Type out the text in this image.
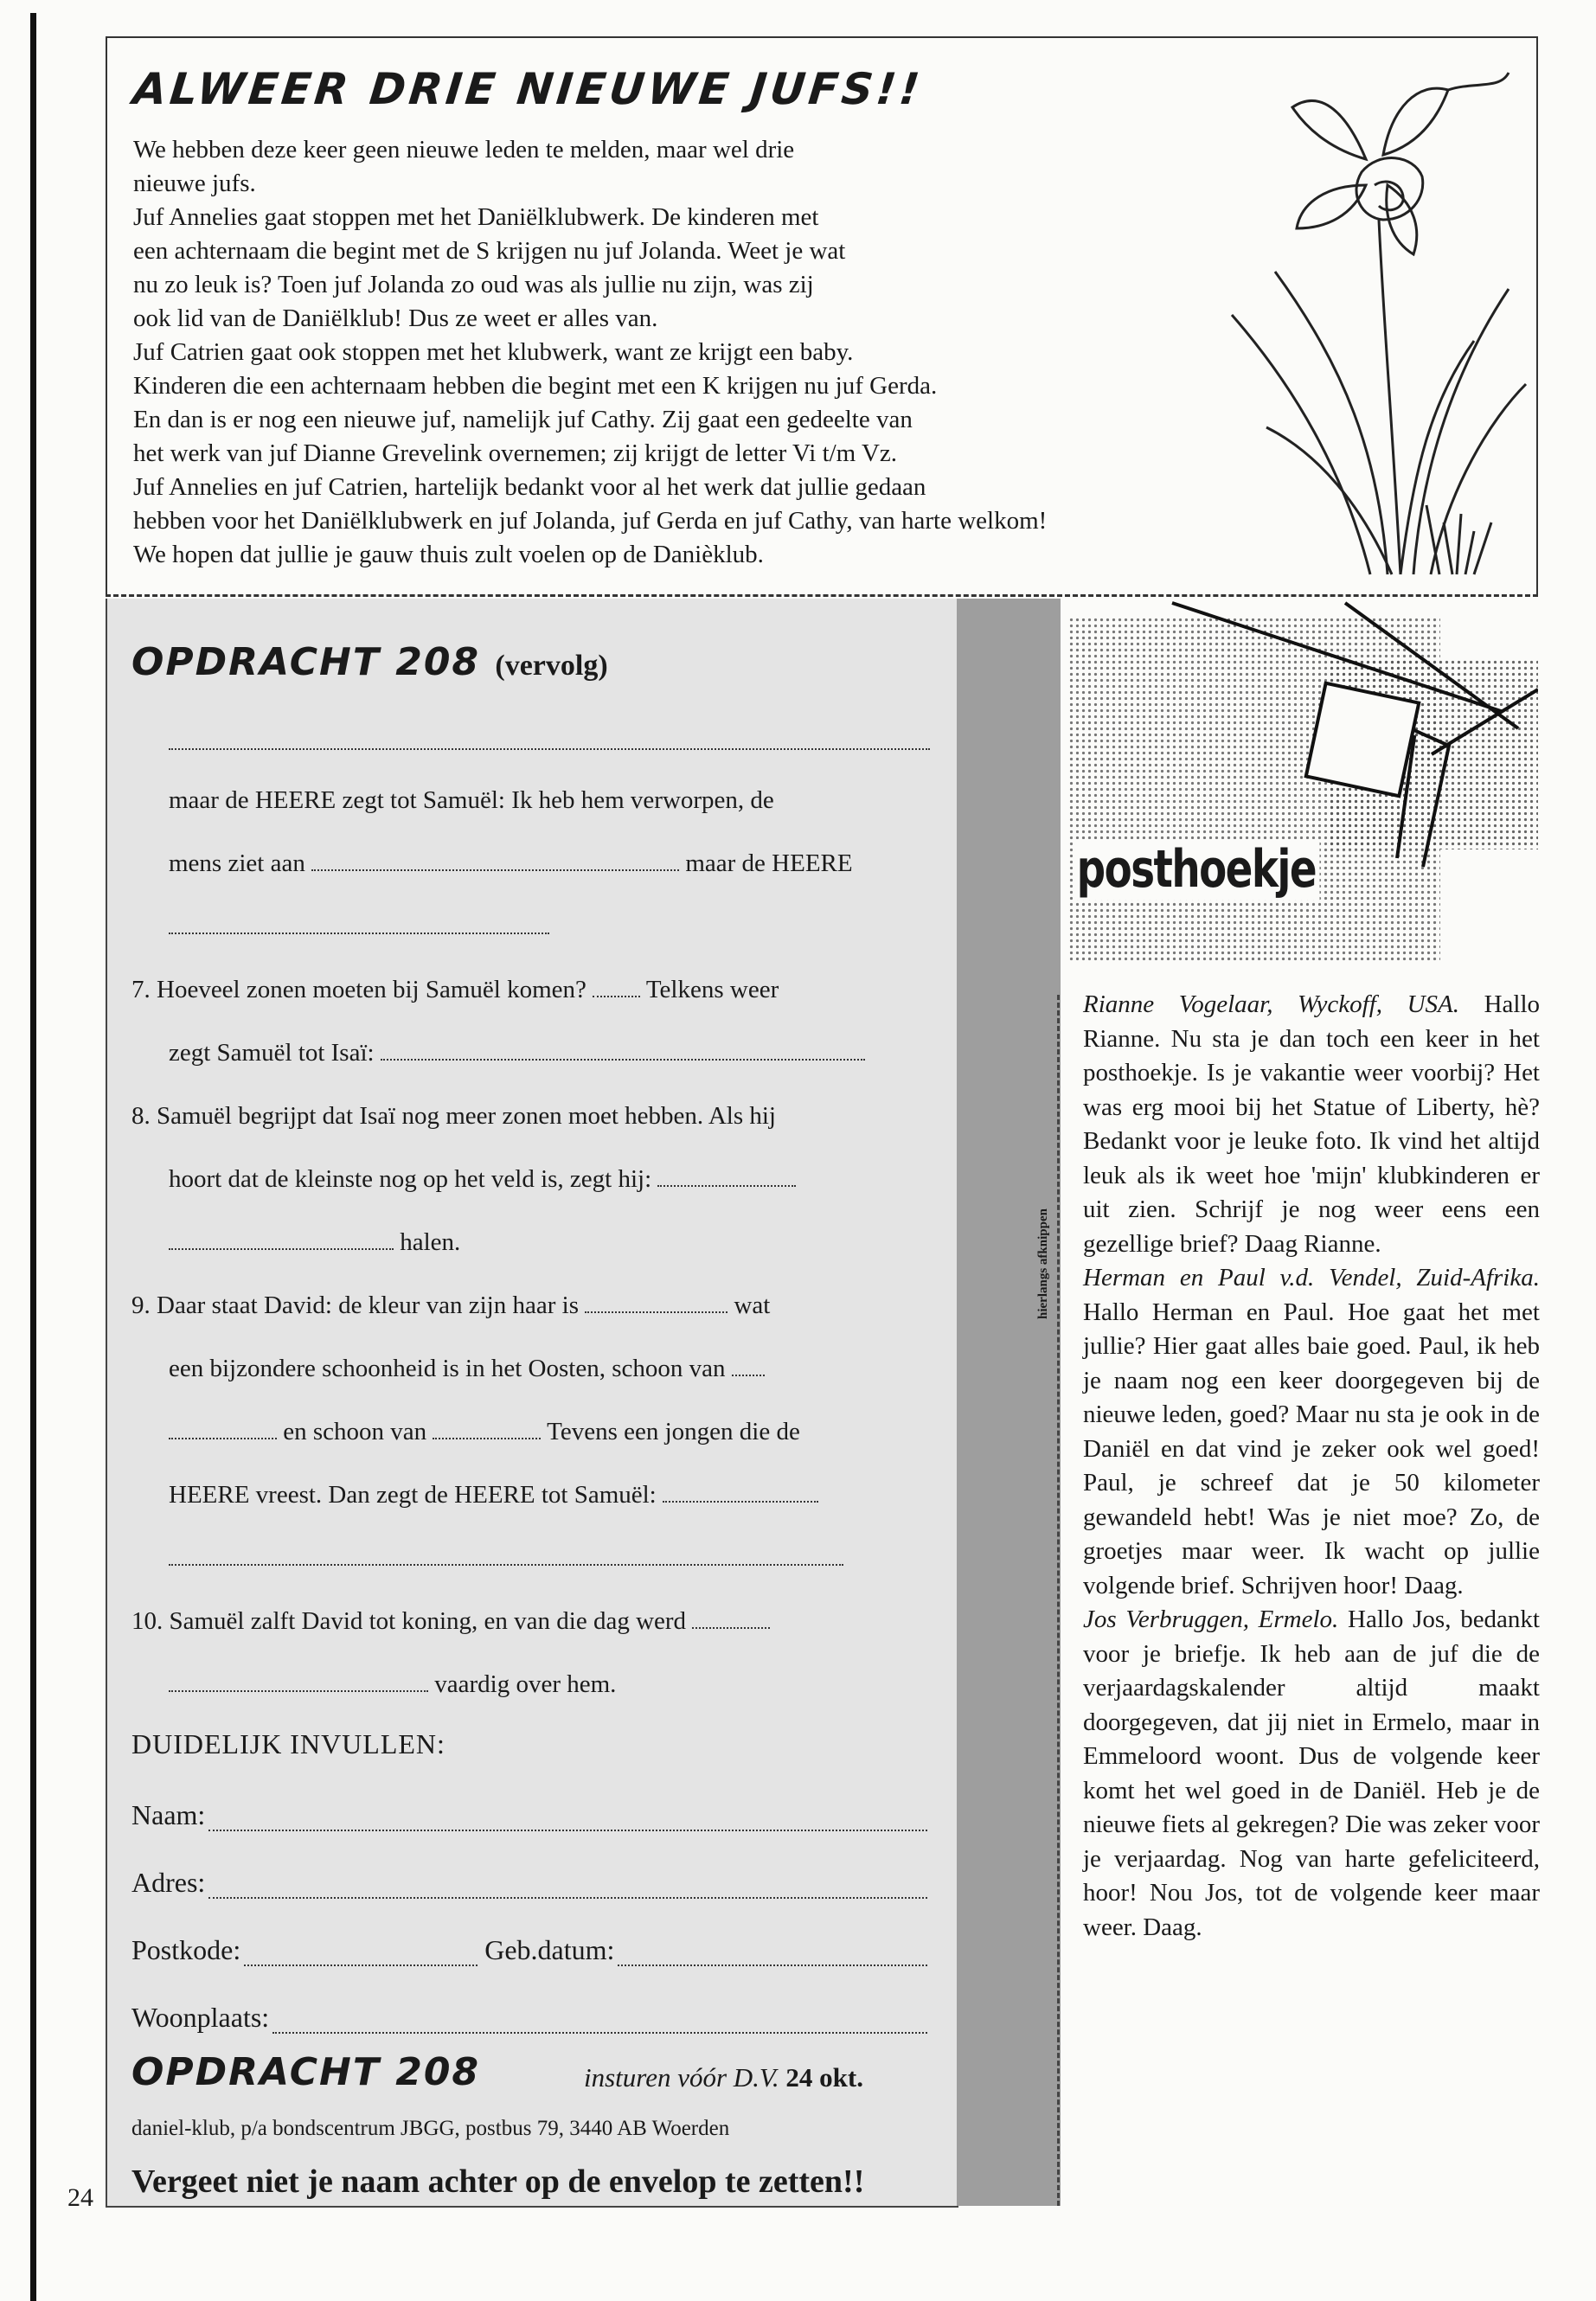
24
ALWEER DRIE NIEUWE JUFS!!

We hebben deze keer geen nieuwe leden te melden, maar wel drie

nieuwe jufs.

Juf Annelies gaat stoppen met het Daniëlklubwerk. De kinderen met

een achternaam die begint met de S krijgen nu juf Jolanda. Weet je wat

nu zo leuk is? Toen juf Jolanda zo oud was als jullie nu zijn, was zij

ook lid van de Daniëlklub! Dus ze weet er alles van.

Juf Catrien gaat ook stoppen met het klubwerk, want ze krijgt een baby.

Kinderen die een achternaam hebben die begint met een K krijgen nu juf Gerda.

En dan is er nog een nieuwe juf, namelijk juf Cathy. Zij gaat een gedeelte van

het werk van juf Dianne Grevelink overnemen; zij krijgt de letter Vi t/m Vz.

Juf Annelies en juf Catrien, hartelijk bedankt voor al het werk dat jullie gedaan

hebben voor het Daniëlklubwerk en juf Jolanda, juf Gerda en juf Cathy, van harte welkom!

We hopen dat jullie je gauw thuis zult voelen op de Danièklub.

hierlangs afknippen
OPDRACHT 208 (vervolg)
maar de HEERE zegt tot Samuël: Ik heb hem verworpen, de
mens ziet aan	maar de HEERE
7. Hoeveel zonen moeten bij Samuël komen? Telkens weer
zegt Samuël tot Isaï:
8. Samuël begrijpt dat Isaï nog meer zonen moet hebben. Als hij
hoort dat de kleinste nog op het veld is, zegt hij:
halen.
9. Daar staat David: de kleur van zijn haar is	wat
een bijzondere schoonheid is in het Oosten, schoon van
en schoon van	Tevens een jongen die de
HEERE vreest. Dan zegt de HEERE tot Samuël:
10. Samuël zalft David tot koning, en van die dag werd
vaardig over hem.
DUIDELIJK INVULLEN:
Naam:
Adres:
Postkode:	Geb.datum:
Woonplaats:
OPDRACHT 208	insturen vóór D.V. 24 okt.
daniel-klub, p/a bondscentrum JBGG, postbus 79, 3440 AB Woerden
Vergeet niet je naam achter op de envelop te zetten!!
posthoekje

Rianne Vogelaar, Wyckoff, USA. Hallo Rianne. Nu sta je dan toch een keer in het posthoekje. Is je vakantie weer voorbij? Het was erg mooi bij het Statue of Liberty, hè? Bedankt voor je leuke foto. Ik vind het altijd leuk als ik weet hoe 'mijn' klubkinderen er uit zien. Schrijf je nog weer eens een gezellige brief? Daag Rianne.

Herman en Paul v.d. Vendel, Zuid-Afrika. Hallo Herman en Paul. Hoe gaat het met jullie? Hier gaat alles baie goed. Paul, ik heb je naam nog een keer doorgegeven bij de nieuwe leden, goed? Maar nu sta je ook in de Daniël en dat vind je zeker ook wel goed! Paul, je schreef dat je 50 kilometer gewandeld hebt! Was je niet moe? Zo, de groetjes maar weer. Ik wacht op jullie volgende brief. Schrijven hoor! Daag.

Jos Verbruggen, Ermelo. Hallo Jos, bedankt voor je briefje. Ik heb aan de juf die de verjaardagskalender altijd maakt doorgegeven, dat jij niet in Ermelo, maar in Emmeloord woont. Dus de volgende keer komt het wel goed in de Daniël. Heb je de nieuwe fiets al gekregen? Die was zeker voor je verjaardag. Nog van harte gefeliciteerd, hoor! Nou Jos, tot de volgende keer maar weer. Daag.
